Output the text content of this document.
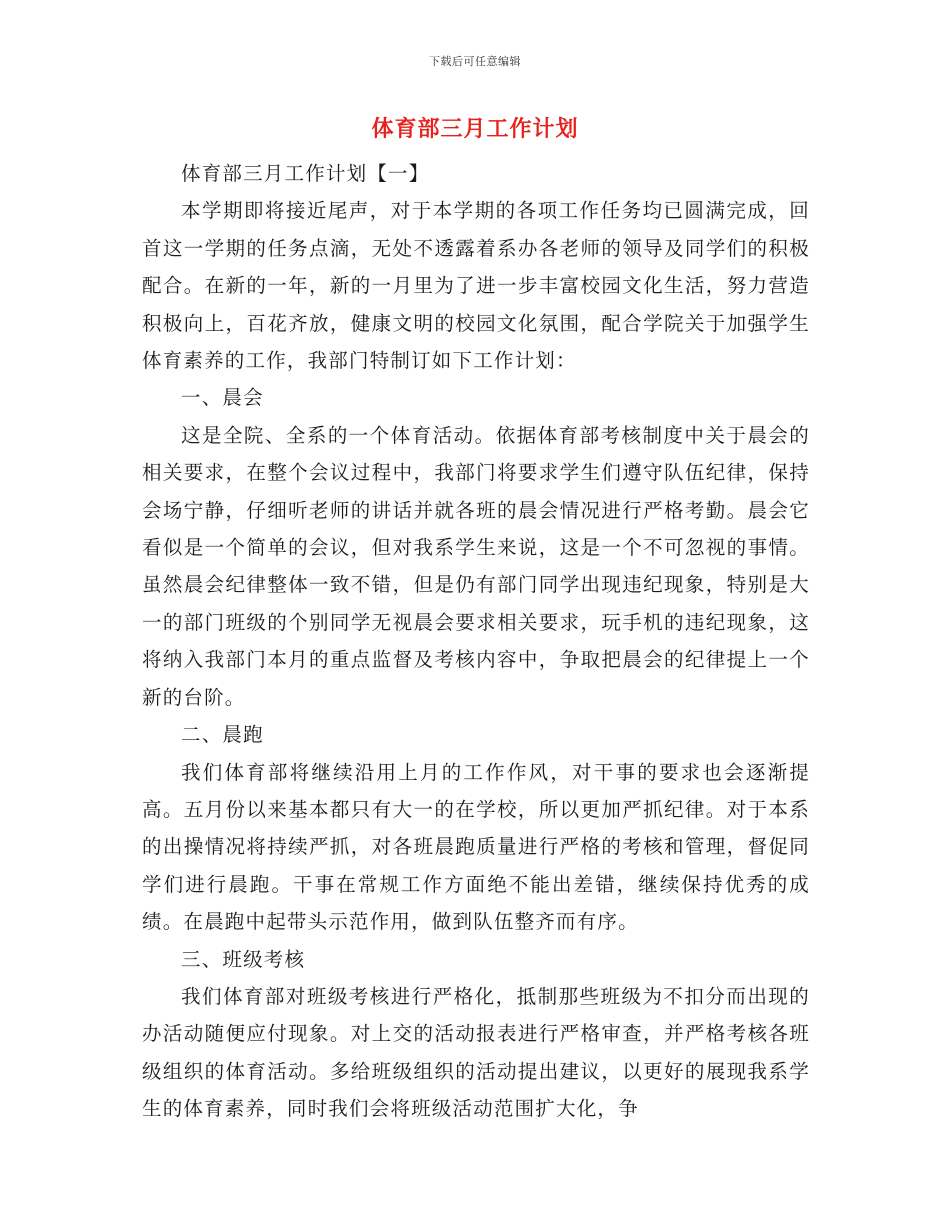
下载后可任意编辑
体育部三月工作计划

体育部三月工作计划【一】

本学期即将接近尾声，对于本学期的各项工作任务均已圆满完成，回首这一学期的任务点滴，无处不透露着系办各老师的领导及同学们的积极配合。在新的一年，新的一月里为了进一步丰富校园文化生活，努力营造积极向上，百花齐放，健康文明的校园文化氛围，配合学院关于加强学生体育素养的工作，我部门特制订如下工作计划：

一、晨会

这是全院、全系的一个体育活动。依据体育部考核制度中关于晨会的相关要求，在整个会议过程中，我部门将要求学生们遵守队伍纪律，保持会场宁静，仔细听老师的讲话并就各班的晨会情况进行严格考勤。晨会它看似是一个简单的会议，但对我系学生来说，这是一个不可忽视的事情。虽然晨会纪律整体一致不错，但是仍有部门同学出现违纪现象，特别是大一的部门班级的个别同学无视晨会要求相关要求，玩手机的违纪现象，这将纳入我部门本月的重点监督及考核内容中，争取把晨会的纪律提上一个新的台阶。

二、晨跑

我们体育部将继续沿用上月的工作作风，对干事的要求也会逐渐提高。五月份以来基本都只有大一的在学校，所以更加严抓纪律。对于本系的出操情况将持续严抓，对各班晨跑质量进行严格的考核和管理，督促同学们进行晨跑。干事在常规工作方面绝不能出差错，继续保持优秀的成绩。在晨跑中起带头示范作用，做到队伍整齐而有序。

三、班级考核

我们体育部对班级考核进行严格化，抵制那些班级为不扣分而出现的办活动随便应付现象。对上交的活动报表进行严格审查，并严格考核各班级组织的体育活动。多给班级组织的活动提出建议，以更好的展现我系学生的体育素养，同时我们会将班级活动范围扩大化，争
